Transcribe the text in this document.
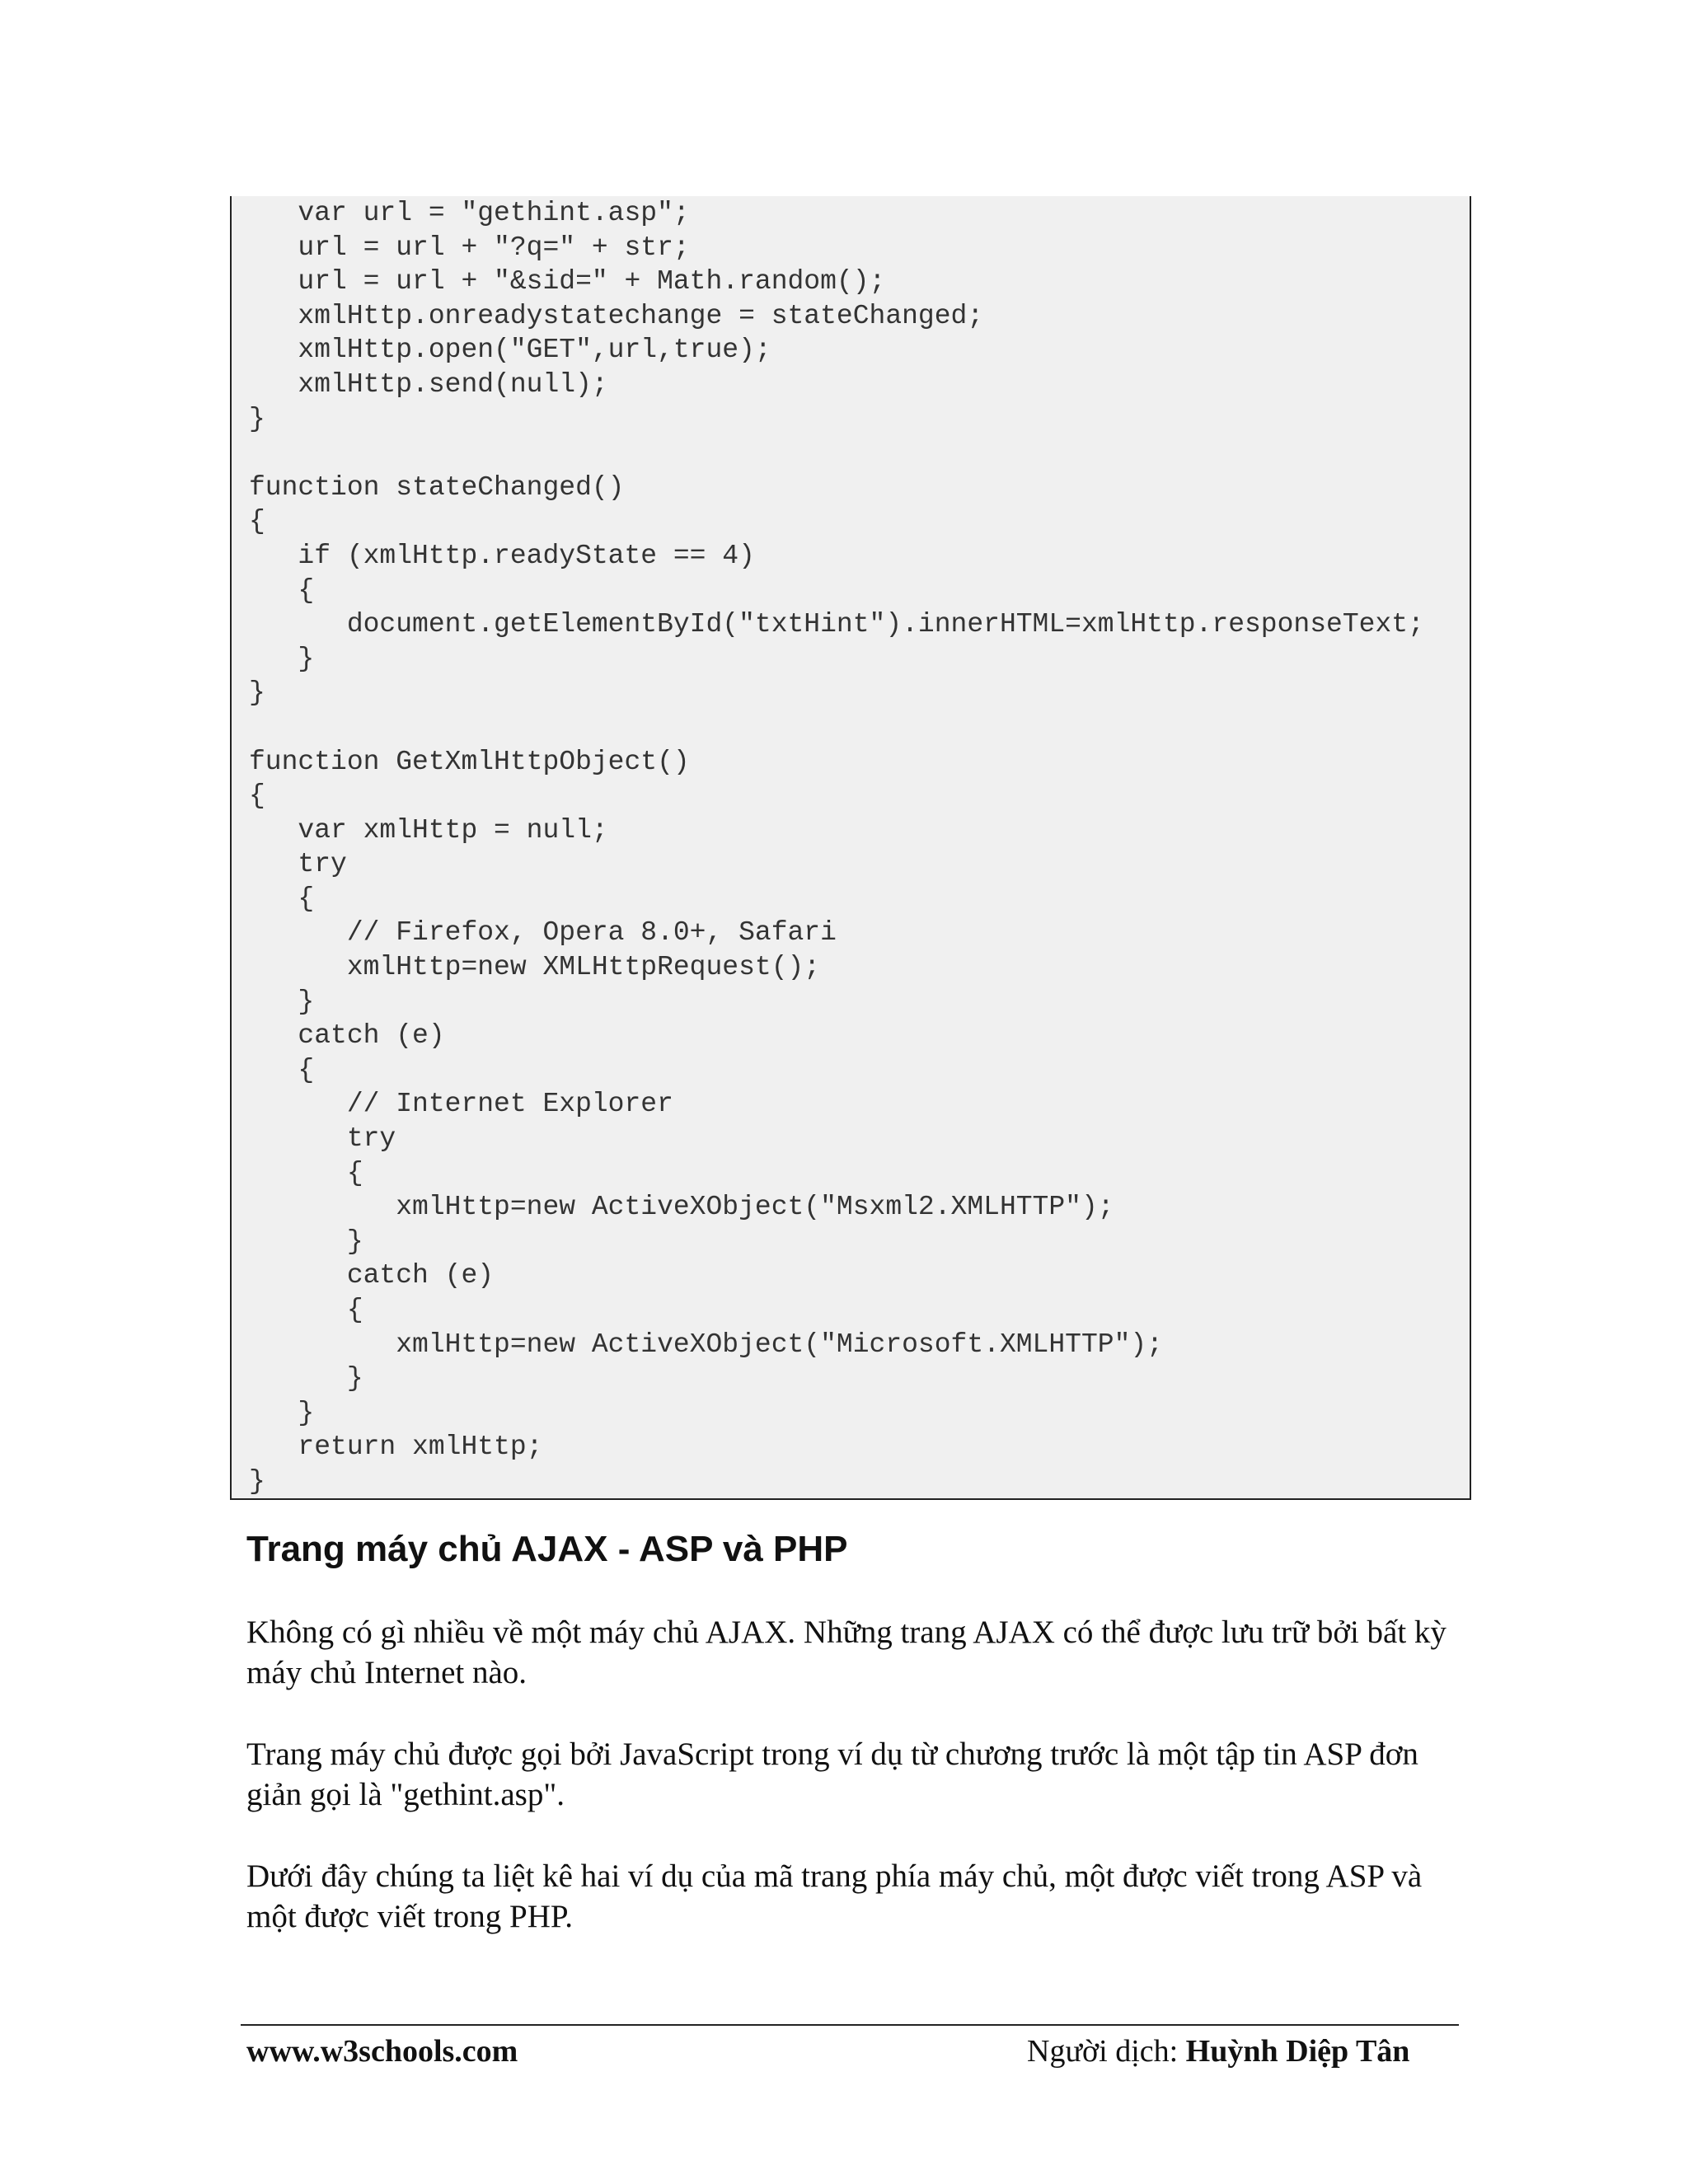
var url = "gethint.asp";
url = url + "?q=" + str;
url = url + "&sid=" + Math.random();
xmlHttp.onreadystatechange = stateChanged;
xmlHttp.open("GET",url,true);
xmlHttp.send(null);
}
function stateChanged()
{
if (xmlHttp.readyState == 4)
{
document.getElementById("txtHint").innerHTML=xmlHttp.responseText;
}
}
function GetXmlHttpObject()
{
var xmlHttp = null;
try
{
// Firefox, Opera 8.0+, Safari
xmlHttp=new XMLHttpRequest();
}
catch (e)
{
// Internet Explorer
try
{
xmlHttp=new ActiveXObject("Msxml2.XMLHTTP");
}
catch (e)
{
xmlHttp=new ActiveXObject("Microsoft.XMLHTTP");
}
}
return xmlHttp;
}
Trang máy chủ AJAX - ASP và PHP

Không có gì nhiều về một máy chủ AJAX. Những trang AJAX có thể được lưu trữ bởi bất kỳ máy chủ Internet nào.

Trang máy chủ được gọi bởi JavaScript trong ví dụ từ chương trước là một tập tin ASP đơn giản gọi là "gethint.asp".

Dưới đây chúng ta liệt kê hai ví dụ của mã trang phía máy chủ, một được viết trong ASP và một được viết trong PHP.

www.w3schools.com	Người dịch: Huỳnh Diệp Tân
